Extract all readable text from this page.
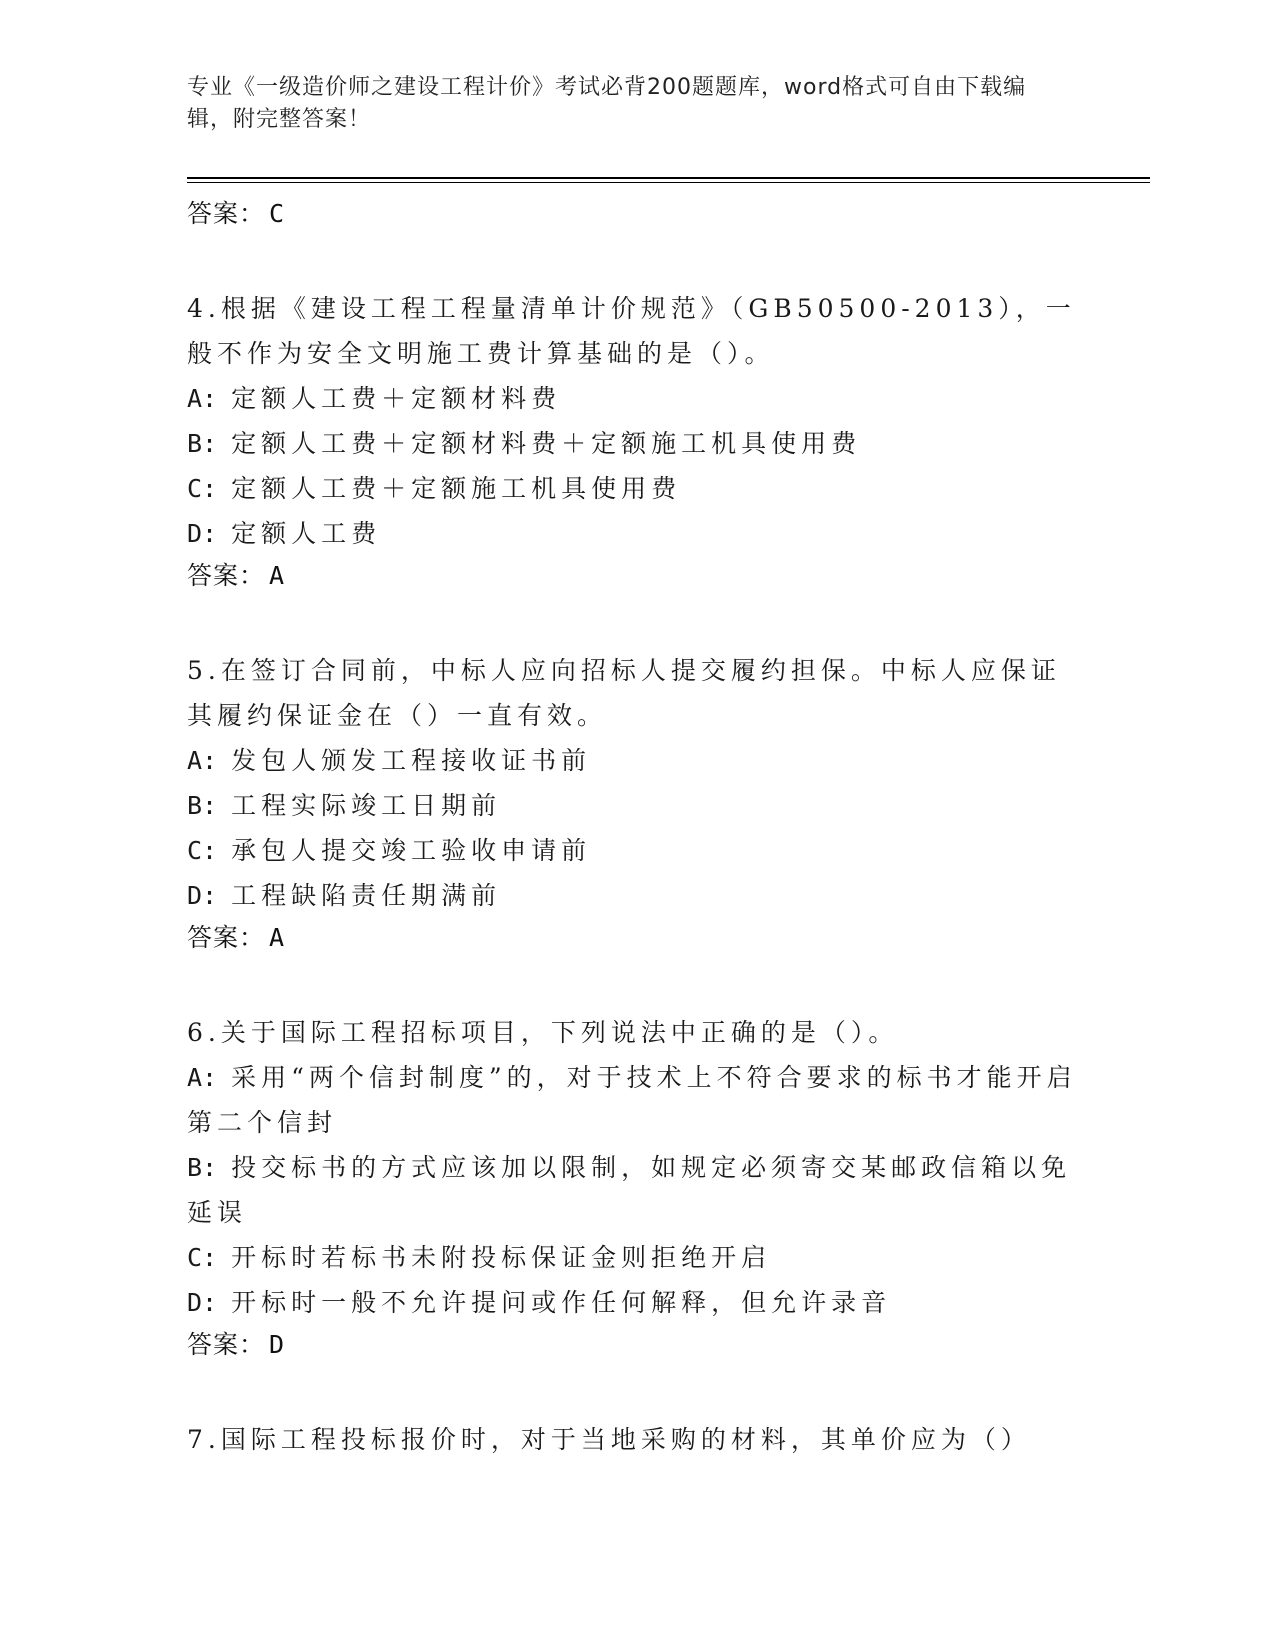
专业《一级造价师之建设工程计价》考试必背200题题库，word格式可自由下载编辑，附完整答案！
答案： C

4.根据《建设工程工程量清单计价规范》（GB50500-2013），一般不作为安全文明施工费计算基础的是（）。

A: 定额人工费＋定额材料费

B: 定额人工费＋定额材料费＋定额施工机具使用费

C: 定额人工费＋定额施工机具使用费

D: 定额人工费

答案： A

5.在签订合同前，中标人应向招标人提交履约担保。中标人应保证其履约保证金在（）一直有效。

A: 发包人颁发工程接收证书前

B: 工程实际竣工日期前

C: 承包人提交竣工验收申请前

D: 工程缺陷责任期满前

答案： A

6.关于国际工程招标项目，下列说法中正确的是（）。

A: 采用“两个信封制度”的，对于技术上不符合要求的标书才能开启第二个信封

B: 投交标书的方式应该加以限制，如规定必须寄交某邮政信箱以免延误

C: 开标时若标书未附投标保证金则拒绝开启

D: 开标时一般不允许提问或作任何解释，但允许录音

答案： D

7.国际工程投标报价时，对于当地采购的材料，其单价应为（）
